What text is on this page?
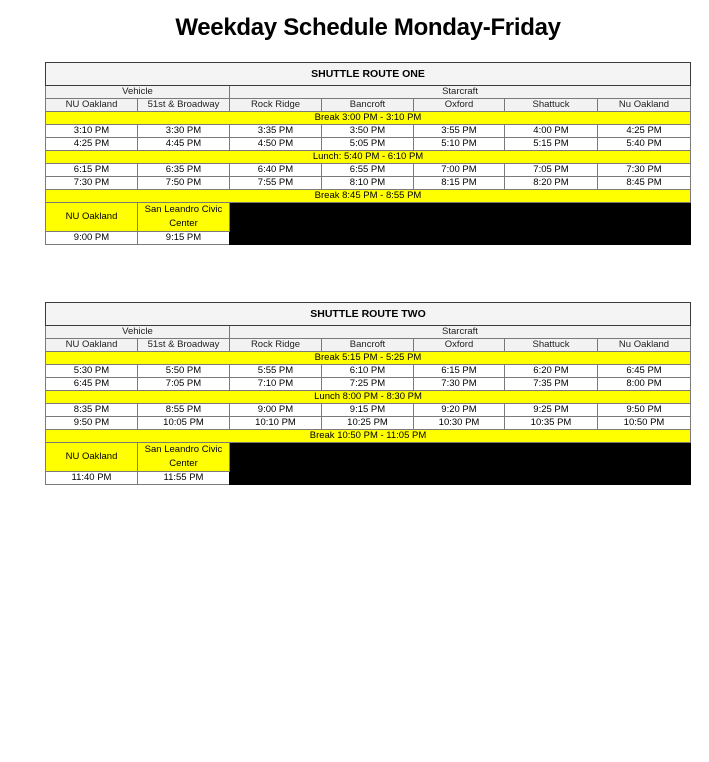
Weekday Schedule Monday-Friday
SHUTTLE ROUTE ONE						
Vehicle		Starcraft				
NU Oakland	51st & Broadway	Rock Ridge	Bancroft	Oxford	Shattuck	Nu Oakland
Break 3:00 PM - 3:10 PM						
3:10 PM	3:30 PM	3:35 PM	3:50 PM	3:55 PM	4:00 PM	4:25 PM
4:25 PM	4:45 PM	4:50 PM	5:05 PM	5:10 PM	5:15 PM	5:40 PM
Lunch: 5:40 PM - 6:10 PM						
6:15 PM	6:35 PM	6:40 PM	6:55 PM	7:00 PM	7:05 PM	7:30 PM
7:30 PM	7:50 PM	7:55 PM	8:10 PM	8:15 PM	8:20 PM	8:45 PM
Break 8:45 PM - 8:55 PM						
NU Oakland	San Leandro Civic Center					
9:00 PM	9:15 PM					
SHUTTLE ROUTE TWO						
Vehicle		Starcraft				
NU Oakland	51st & Broadway	Rock Ridge	Bancroft	Oxford	Shattuck	Nu Oakland
Break 5:15 PM - 5:25 PM						
5:30 PM	5:50 PM	5:55 PM	6:10 PM	6:15 PM	6:20 PM	6:45 PM
6:45 PM	7:05 PM	7:10 PM	7:25 PM	7:30 PM	7:35 PM	8:00 PM
Lunch 8:00 PM - 8:30 PM						
8:35 PM	8:55 PM	9:00 PM	9:15 PM	9:20 PM	9:25 PM	9:50 PM
9:50 PM	10:05 PM	10:10 PM	10:25 PM	10:30 PM	10:35 PM	10:50 PM
Break 10:50 PM - 11:05 PM						
NU Oakland	San Leandro Civic Center					
11:40 PM	11:55 PM					
